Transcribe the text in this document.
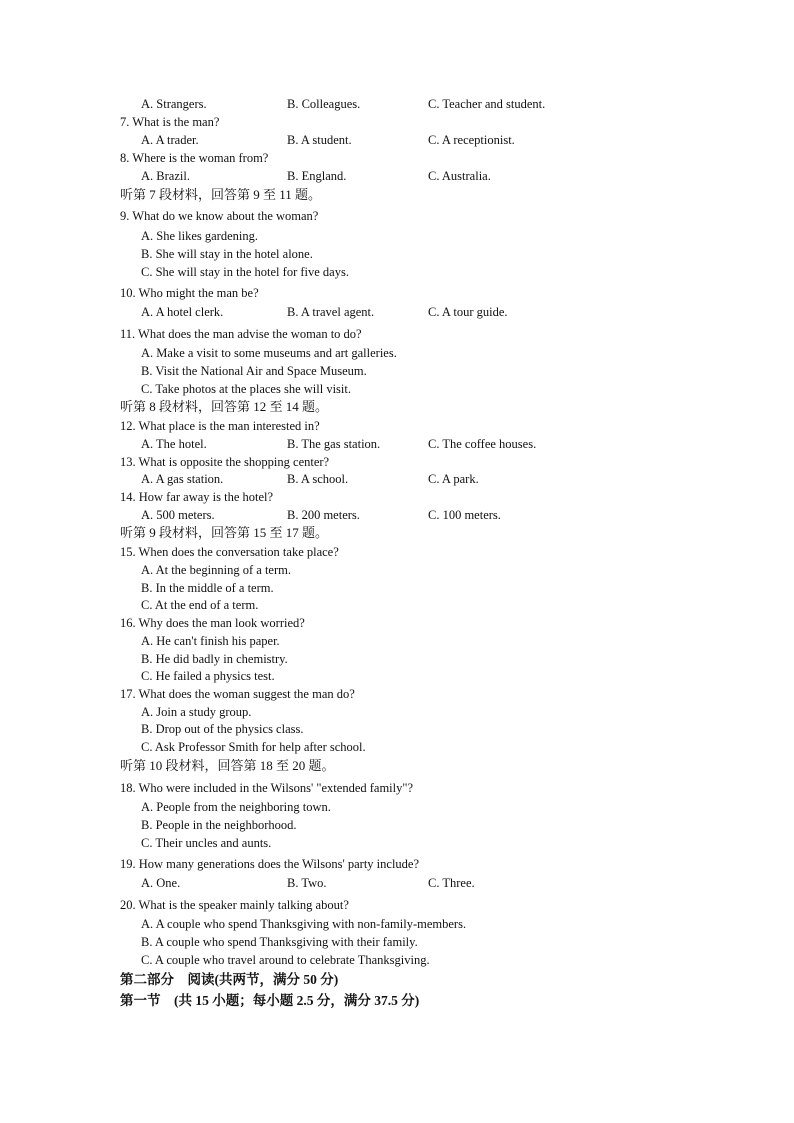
A. Strangers.	B. Colleagues.	C. Teacher and student.
7. What is the man?
A. A trader.	B. A student.	C. A receptionist.
8. Where is the woman from?
A. Brazil.	B. England.	C. Australia.
听第 7 段材料，回答第 9 至 11 题。
9. What do we know about the woman?
A. She likes gardening.
B. She will stay in the hotel alone.
C. She will stay in the hotel for five days.
10. Who might the man be?
A. A hotel clerk.	B. A travel agent.	C. A tour guide.
11. What does the man advise the woman to do?
A. Make a visit to some museums and art galleries.
B. Visit the National Air and Space Museum.
C. Take photos at the places she will visit.
听第 8 段材料，回答第 12 至 14 题。
12. What place is the man interested in?
A. The hotel.	B. The gas station.	C. The coffee houses.
13. What is opposite the shopping center?
A. A gas station.	B. A school.	C. A park.
14. How far away is the hotel?
A. 500 meters.	B. 200 meters.	C. 100 meters.
听第 9 段材料，回答第 15 至 17 题。
15. When does the conversation take place?
A. At the beginning of a term.
B. In the middle of a term.
C. At the end of a term.
16. Why does the man look worried?
A. He can't finish his paper.
B. He did badly in chemistry.
C. He failed a physics test.
17. What does the woman suggest the man do?
A. Join a study group.
B. Drop out of the physics class.
C. Ask Professor Smith for help after school.
听第 10 段材料，回答第 18 至 20 题。
18. Who were included in the Wilsons' "extended family"?
A. People from the neighboring town.
B. People in the neighborhood.
C. Their uncles and aunts.
19. How many generations does the Wilsons' party include?
A. One.	B. Two.	C. Three.
20. What is the speaker mainly talking about?
A. A couple who spend Thanksgiving with non-family-members.
B. A couple who spend Thanksgiving with their family.
C. A couple who travel around to celebrate Thanksgiving.
第二部分　阅读(共两节，满分 50 分)
第一节　(共 15 小题；每小题 2.5 分，满分 37.5 分)
